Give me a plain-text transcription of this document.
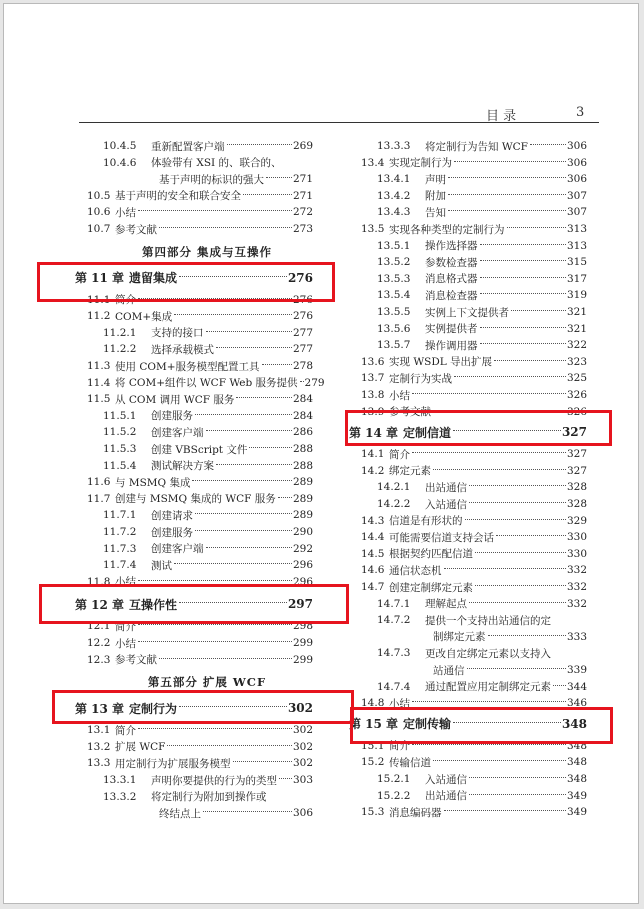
目 录	3
10.4.5	重新配置客户端	269
10.4.6	体验带有 XSI 的、联合的、
基于声明的标识的强大	271
10.5 基于声明的安全和联合安全	271
10.6 小结	272
10.7 参考文献	273
第四部分 集成与互操作
第 11 章 遗留集成	276
11.1 简介	276
11.2 COM+集成	276
11.2.1	支持的接口	277
11.2.2	选择承载模式	277
11.3 使用 COM+服务模型配置工具	278
11.4 将 COM+组件以 WCF Web 服务提供 279
11.5 从 COM 调用 WCF 服务	284
11.5.1	创建服务	284
11.5.2	创建客户端	286
11.5.3	创建 VBScript 文件	288
11.5.4	测试解决方案	288
11.6 与 MSMQ 集成	289
11.7 创建与 MSMQ 集成的 WCF 服务 289
11.7.1	创建请求	289
11.7.2	创建服务	290
11.7.3	创建客户端	292
11.7.4	测试	296
11.8 小结	296
第 12 章 互操作性	297
12.1 简介	298
12.2 小结	299
12.3 参考文献	299
第五部分 扩展 WCF
第 13 章 定制行为	302
13.1 简介	302
13.2 扩展 WCF	302
13.3 用定制行为扩展服务模型	302
13.3.1	声明你要提供的行为的类型 303
13.3.2	将定制行为附加到操作或
终结点上	306
13.3.3	将定制行为告知 WCF	306
13.4 实现定制行为	306
13.4.1	声明	306
13.4.2	附加	307
13.4.3	告知	307
13.5 实现各种类型的定制行为	313
13.5.1	操作选择器	313
13.5.2	参数检查器	315
13.5.3	消息格式器	317
13.5.4	消息检查器	319
13.5.5	实例上下文提供者	321
13.5.6	实例提供者	321
13.5.7	操作调用器	322
13.6 实现 WSDL 导出扩展	323
13.7 定制行为实战	325
13.8 小结	326
13.9 参考文献	326
第 14 章 定制信道	327
14.1 简介	327
14.2 绑定元素	327
14.2.1	出站通信	328
14.2.2	入站通信	328
14.3 信道是有形状的	329
14.4 可能需要信道支持会话	330
14.5 根据契约匹配信道	330
14.6 通信状态机	332
14.7 创建定制绑定元素	332
14.7.1	理解起点	332
14.7.2	提供一个支持出站通信的定
制绑定元素	333
14.7.3	更改自定绑定元素以支持入
站通信	339
14.7.4	通过配置应用定制绑定元素 344
14.8 小结	346
第 15 章 定制传输	348
15.1 简介	348
15.2 传输信道	348
15.2.1	入站通信	348
15.2.2	出站通信	349
15.3 消息编码器	349
